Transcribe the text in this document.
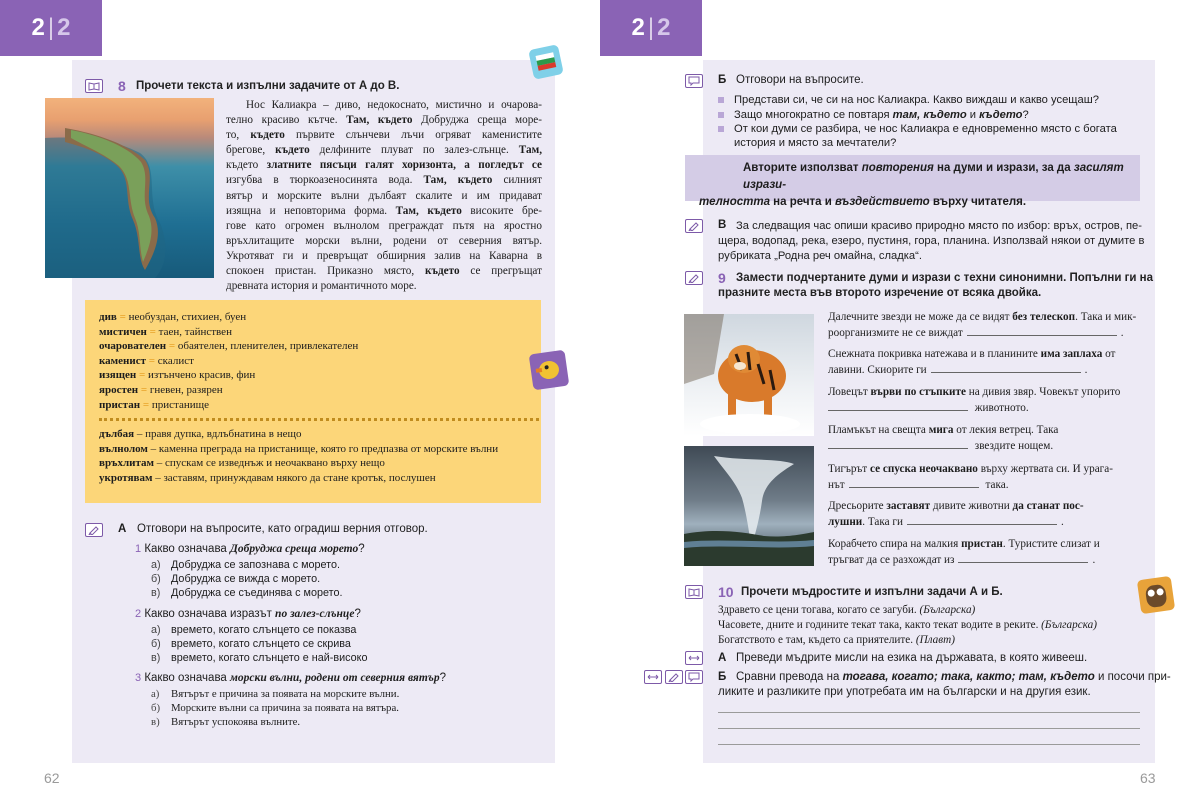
2 | 2
8 Прочети текста и изпълни задачите от А до В.
Нос Калиакра – диво, недокоснато, мистично и очарова-
телно красиво кътче. Там, където Добруджа среща море-
то, където първите слънчеви лъчи огряват каменистите
брегове, където делфините плуват по залез-слънце. Там,
където златните пясъци галят хоризонта, а погледът се
изгубва в тюркоазеносинята вода. Там, където силният
вятър и морските вълни дълбаят скалите и им придават
изящна и неповторима форма. Там, където високите бре-
гове като огромен вълнолом преграждат пътя на яростно
връхлитащите морски вълни, родени от северния вятър.
Укротяват ги и превръщат обширния залив на Каварна в
спокоен пристан. Приказно място, където се прегръщат
древната история и романтичното море.
див = необуздан, стихиен, буен
мистичен = таен, тайнствен
очарователен = обаятелен, пленителен, привлекателен
каменист = скалист
изящен = изтънчено красив, фин
яростен = гневен, разярен
пристан = пристанище
дълбая – правя дупка, вдлъбнатина в нещо
вълнолом – каменна преграда на пристанище, която го предпазва от морските вълни
връхлитам – спускам се изведнъж и неочаквано върху нещо
укротявам – заставям, принуждавам някого да стане кротък, послушен
А Отговори на въпросите, като оградиш верния отговор.
1 Какво означава Добруджа среща морето?
а) Добруджа се запознава с морето.
б) Добруджа се вижда с морето.
в) Добруджа се съединява с морето.
2 Какво означава изразът по залез-слънце?
а) времето, когато слънцето се показва
б) времето, когато слънцето се скрива
в) времето, когато слънцето е най-високо
3 Какво означава морски вълни, родени от северния вятър?
а) Вятърът е причина за появата на морските вълни.
б) Морските вълни са причина за появата на вятъра.
в) Вятърът успокоява вълните.
62
2 | 2
Б Отговори на въпросите.
Представи си, че си на нос Калиакра. Какво виждаш и какво усещаш?
Защо многократно се повтаря там, където и където?
От кои думи се разбира, че нос Калиакра е едновременно място с богата
история и място за мечтатели?
Авторите използват повторения на думи и изрази, за да засилят изрази-
телността на речта и въздействието върху читателя.
В За следващия час опиши красиво природно място по избор: връх, остров, пе-
щера, водопад, река, езеро, пустиня, гора, планина. Използвай някои от думите в
рубриката „Родна реч омайна, сладка“.
9 Замести подчертаните думи и изрази с техни синонимни. Попълни ги на
празните места във второто изречение от всяка двойка.
Далечните звезди не може да се видят без телескоп. Така и мик-
роорганизмите не се виждат	.
Снежната покривка натежава и в планините има заплаха от
лавини. Скиорите ги	.
Ловецът върви по стъпките на дивия звяр. Човекът упорито
животното.
Пламъкът на свещта мига от лекия ветрец. Така
звездите нощем.
Тигърът се спуска неочаквано върху жертвата си. И урага-
нът	така.
Дресьорите заставят дивите животни да станат пос-
лушни. Така ги	.
Корабчето спира на малкия пристан. Туристите слизат и
тръгват да се разхождат из	.
10 Прочети мъдростите и изпълни задачи А и Б.
Здравето се цени тогава, когато се загуби. (Българска)
Часовете, дните и годините текат така, както текат водите в реките. (Българска)
Богатството е там, където са приятелите. (Плавт)
А Преведи мъдрите мисли на езика на държавата, в която живееш.
Б Сравни превода на тогава, когато; така, както; там, където и посочи при-
ликите и разликите при употребата им на български и на другия език.
63
